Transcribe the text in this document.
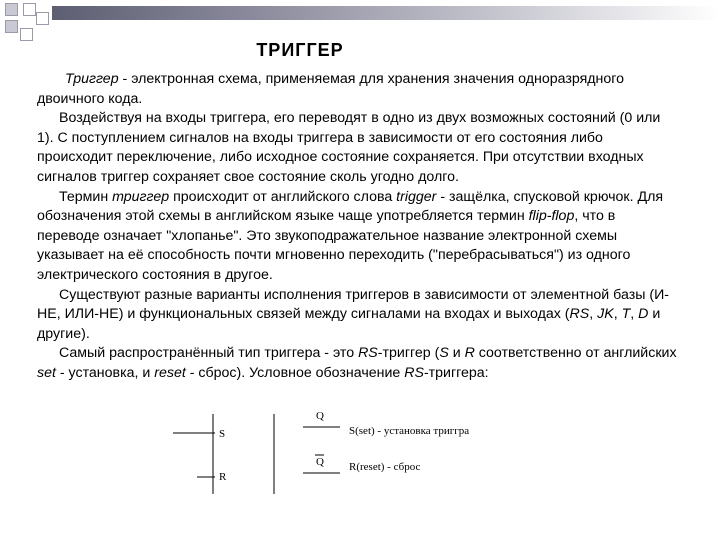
ТРИГГЕР

Триггер - электронная схема, применяемая для хранения значения одноразрядного двоичного кода.

Воздействуя на входы триггера, его переводят в одно из двух возможных состояний (0 или 1). С поступлением сигналов на входы триггера в зависимости от его состояния либо происходит переключение, либо исходное состояние сохраняется. При отсутствии входных сигналов триггер сохраняет свое состояние сколь угодно долго.

Термин триггер происходит от английского слова trigger - защёлка, спусковой крючок. Для обозначения этой схемы в английском языке чаще употребляется термин flip-flop, что в переводе означает "хлопанье". Это звукоподражательное название электронной схемы указывает на её способность почти мгновенно переходить ("перебрасываться") из одного электрического состояния в другое.

Существуют разные варианты исполнения триггеров в зависимости от элементной базы (И-НЕ, ИЛИ-НЕ) и функциональных связей между сигналами на входах и выходах (RS, JK, T, D и другие).

Самый распространённый тип триггера - это RS-триггер (S и R соответственно от английских set - установка, и reset - сброс). Условное обозначение RS-триггера:

S
R
Q
Q
S(set) - установка триггра
R(reset) - сброс
